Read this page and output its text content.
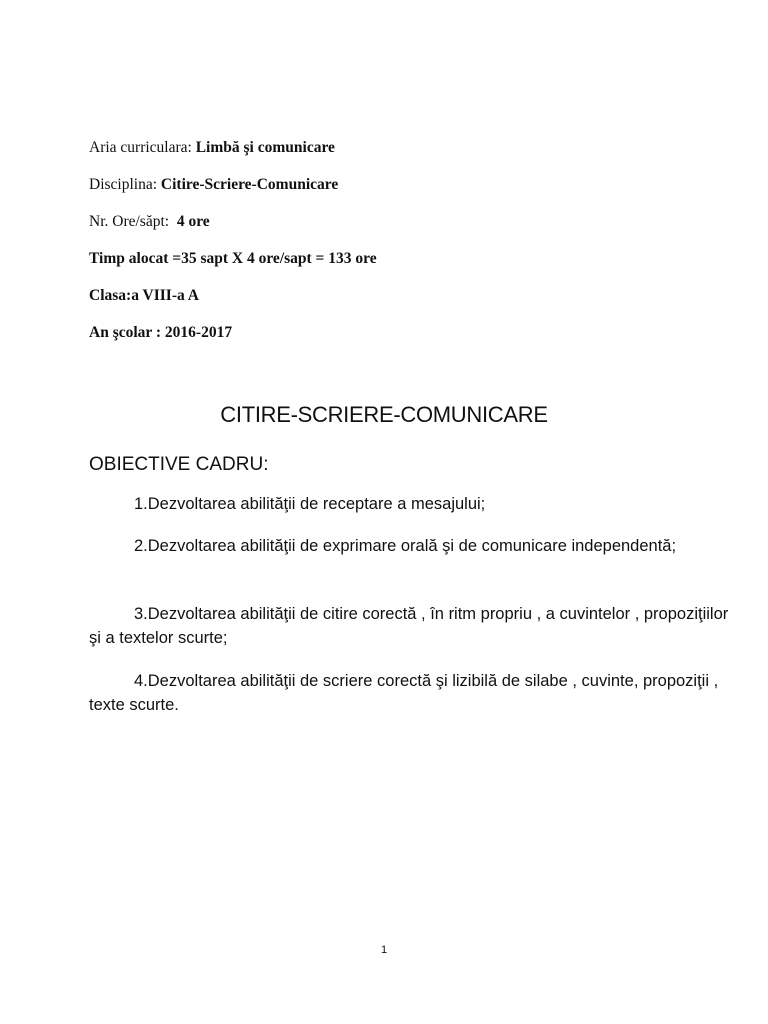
Aria curriculara: Limbă şi comunicare
Disciplina: Citire-Scriere-Comunicare
Nr. Ore/săpt:  4 ore
Timp alocat =35 sapt X 4 ore/sapt = 133 ore
Clasa:a VIII-a A
An şcolar : 2016-2017
CITIRE-SCRIERE-COMUNICARE
OBIECTIVE CADRU:
1.Dezvoltarea abilităţii de receptare a mesajului;
2.Dezvoltarea abilităţii de exprimare orală şi de comunicare independentă;
3.Dezvoltarea abilităţii de citire corectă , în ritm propriu , a cuvintelor , propoziţiilor şi a textelor scurte;
4.Dezvoltarea abilităţii de scriere corectă şi lizibilă de silabe , cuvinte, propoziţii , texte scurte.
1
